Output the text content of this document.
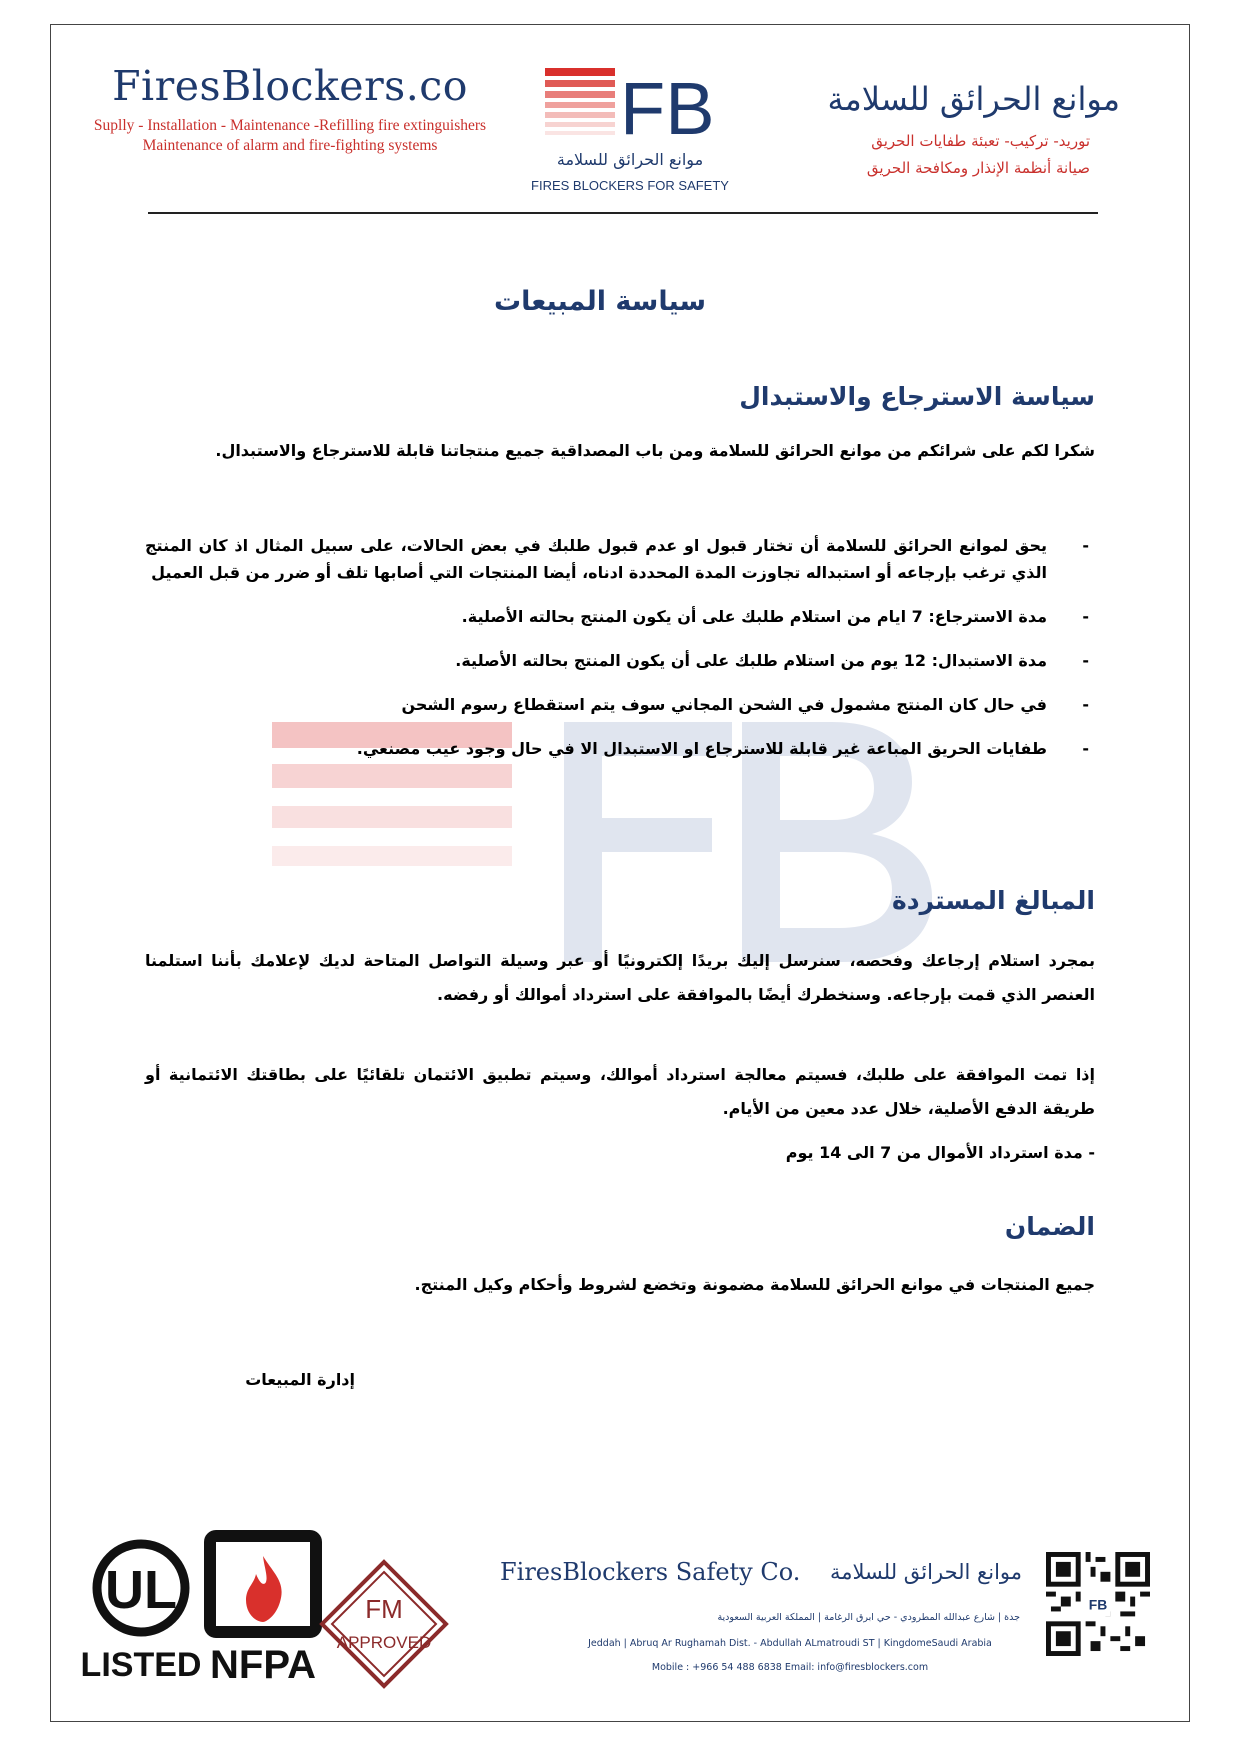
FiresBlockers.co
Suplly - Installation - Maintenance -Refilling fire extinguishers
Maintenance of alarm and fire-fighting systems	FB
موانع الحرائق للسلامة
FIRES BLOCKERS FOR SAFETY
موانع الحرائق للسلامة
توريد- تركيب- تعبئة طفايات الحريق
صيانة أنظمة الإنذار ومكافحة الحريق
سياسة المبيعات
سياسة الاسترجاع والاستبدال
شكرا لكم على شرائكم من موانع الحرائق للسلامة ومن باب المصداقية جميع منتجاتنا قابلة للاسترجاع والاستبدال.
-
يحق لموانع الحرائق للسلامة أن تختار قبول او عدم قبول طلبك في بعض الحالات، على سبيل المثال اذ كان المنتج الذي ترغب بإرجاعه أو استبداله تجاوزت المدة المحددة ادناه، أيضا المنتجات التي أصابها تلف أو ضرر من قبل العميل
-
مدة الاسترجاع: 7 ايام من استلام طلبك على أن يكون المنتج بحالته الأصلية.
-
مدة الاستبدال: 12 يوم من استلام طلبك على أن يكون المنتج بحالته الأصلية.
-
في حال كان المنتج مشمول في الشحن المجاني سوف يتم استقطاع رسوم الشحن
-
طفايات الحريق المباعة غير قابلة للاسترجاع او الاستبدال الا في حال وجود عيب مصنعي.
المبالغ المستردة
بمجرد استلام إرجاعك وفحصه، سنرسل إليك بريدًا إلكترونيًا أو عبر وسيلة التواصل المتاحة لديك لإعلامك بأننا استلمنا العنصر الذي قمت بإرجاعه. وسنخطرك أيضًا بالموافقة على استرداد أموالك أو رفضه.
إذا تمت الموافقة على طلبك، فسيتم معالجة استرداد أموالك، وسيتم تطبيق الائتمان تلقائيًا على بطاقتك الائتمانية أو طريقة الدفع الأصلية، خلال عدد معين من الأيام.
- مدة استرداد الأموال من 7 الى 14 يوم
الضمان
جميع المنتجات في موانع الحرائق للسلامة مضمونة وتخضع لشروط وأحكام وكيل المنتج.
إدارة المبيعات
UL
LISTED NFPA
FM
APPROVED
FiresBlockers Safety Co. موانع الحرائق للسلامة
جدة | شارع عبدالله المطرودي - حي ابرق الرغامة | المملكة العربية السعودية
Jeddah | Abruq Ar Rughamah Dist. - Abdullah ALmatroudi ST | KingdomeSaudi Arabia
Mobile : +966 54 488 6838 Email: info@firesblockers.com
FB
